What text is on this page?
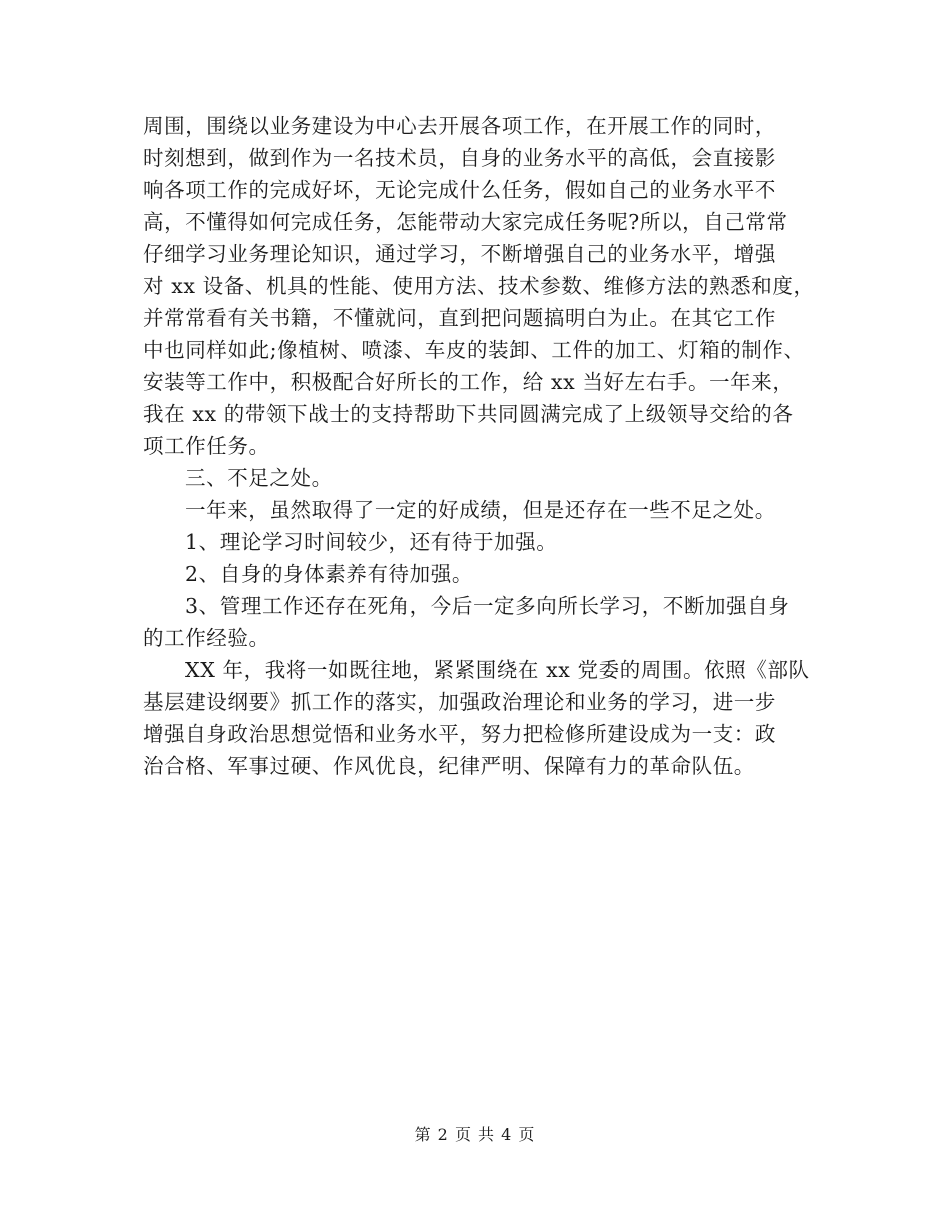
周围，围绕以业务建设为中心去开展各项工作，在开展工作的同时，
时刻想到，做到作为一名技术员，自身的业务水平的高低，会直接影
响各项工作的完成好坏，无论完成什么任务，假如自己的业务水平不
高，不懂得如何完成任务，怎能带动大家完成任务呢?所以，自己常常
仔细学习业务理论知识，通过学习，不断增强自己的业务水平，增强
对 xx 设备、机具的性能、使用方法、技术参数、维修方法的熟悉和度，
并常常看有关书籍，不懂就问，直到把问题搞明白为止。在其它工作
中也同样如此;像植树、喷漆、车皮的装卸、工件的加工、灯箱的制作、
安装等工作中，积极配合好所长的工作，给 xx 当好左右手。一年来，
我在 xx 的带领下战士的支持帮助下共同圆满完成了上级领导交给的各
项工作任务。
三、不足之处。
一年来，虽然取得了一定的好成绩，但是还存在一些不足之处。
1、理论学习时间较少，还有待于加强。
2、自身的身体素养有待加强。
3、管理工作还存在死角，今后一定多向所长学习，不断加强自身
的工作经验。
XX 年，我将一如既往地，紧紧围绕在 xx 党委的周围。依照《部队
基层建设纲要》抓工作的落实，加强政治理论和业务的学习，进一步
增强自身政治思想觉悟和业务水平，努力把检修所建设成为一支：政
治合格、军事过硬、作风优良，纪律严明、保障有力的革命队伍。
第 2 页 共 4 页
